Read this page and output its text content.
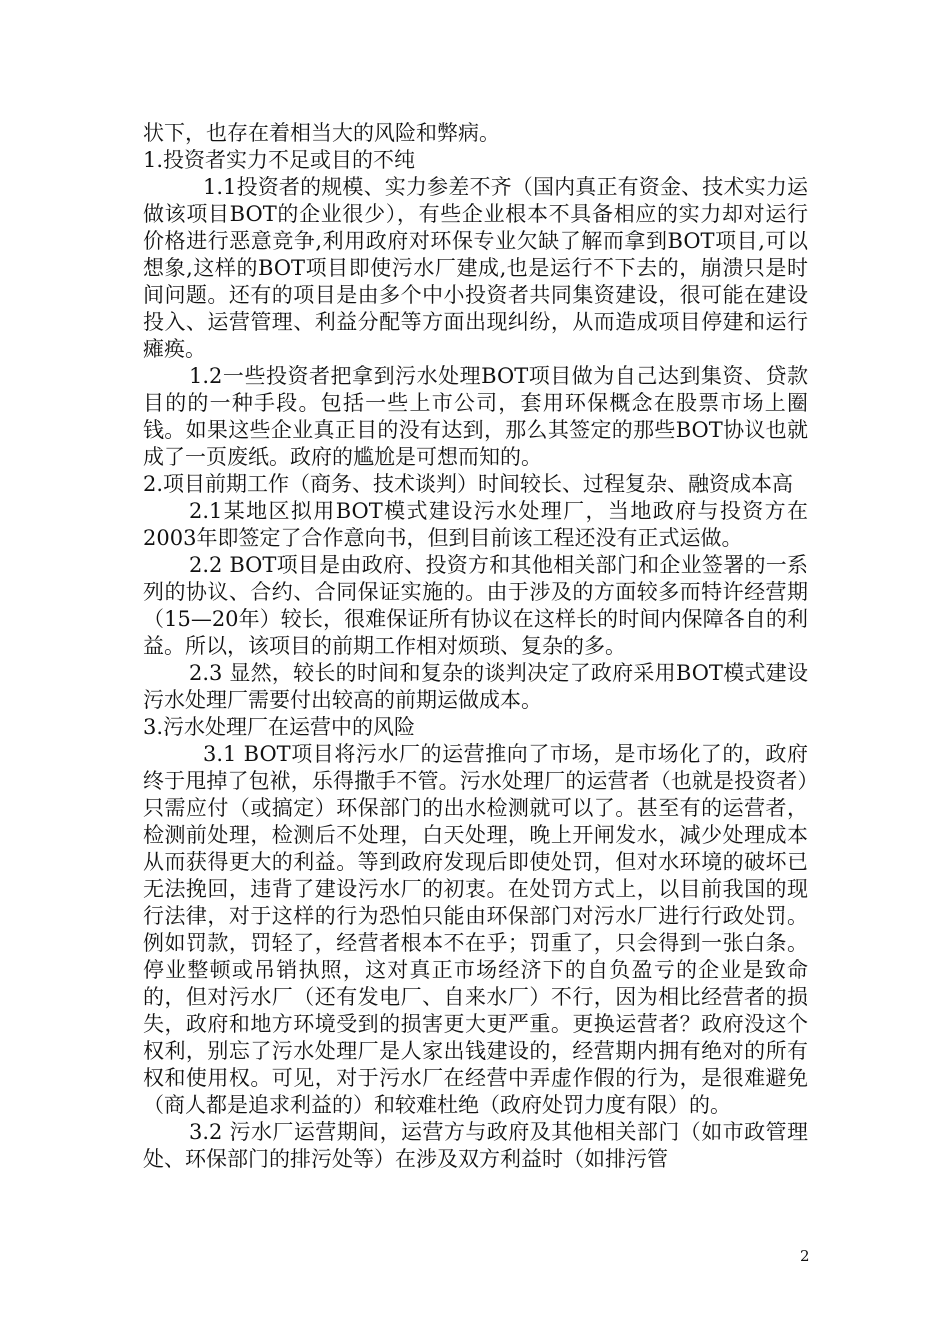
状下，也存在着相当大的风险和弊病。

1.投资者实力不足或目的不纯

1.1投资者的规模、实力参差不齐（国内真正有资金、技术实力运做该项目BOT的企业很少），有些企业根本不具备相应的实力却对运行价格进行恶意竞争,利用政府对环保专业欠缺了解而拿到BOT项目,可以想象,这样的BOT项目即使污水厂建成,也是运行不下去的，崩溃只是时间问题。还有的项目是由多个中小投资者共同集资建设，很可能在建设投入、运营管理、利益分配等方面出现纠纷，从而造成项目停建和运行瘫痪。

1.2一些投资者把拿到污水处理BOT项目做为自己达到集资、贷款目的的一种手段。包括一些上市公司，套用环保概念在股票市场上圈钱。如果这些企业真正目的没有达到，那么其签定的那些BOT协议也就成了一页废纸。政府的尴尬是可想而知的。

2.项目前期工作（商务、技术谈判）时间较长、过程复杂、融资成本高

2.1某地区拟用BOT模式建设污水处理厂，当地政府与投资方在2003年即签定了合作意向书，但到目前该工程还没有正式运做。

2.2 BOT项目是由政府、投资方和其他相关部门和企业签署的一系列的协议、合约、合同保证实施的。由于涉及的方面较多而特许经营期（15—20年）较长，很难保证所有协议在这样长的时间内保障各自的利益。所以，该项目的前期工作相对烦琐、复杂的多。

2.3 显然，较长的时间和复杂的谈判决定了政府采用BOT模式建设污水处理厂需要付出较高的前期运做成本。

3.污水处理厂在运营中的风险

3.1 BOT项目将污水厂的运营推向了市场，是市场化了的，政府终于甩掉了包袱，乐得撒手不管。污水处理厂的运营者（也就是投资者）只需应付（或搞定）环保部门的出水检测就可以了。甚至有的运营者，检测前处理，检测后不处理，白天处理，晚上开闸发水，减少处理成本从而获得更大的利益。等到政府发现后即使处罚，但对水环境的破坏已无法挽回，违背了建设污水厂的初衷。在处罚方式上，以目前我国的现行法律，对于这样的行为恐怕只能由环保部门对污水厂进行行政处罚。例如罚款，罚轻了，经营者根本不在乎；罚重了，只会得到一张白条。停业整顿或吊销执照，这对真正市场经济下的自负盈亏的企业是致命的，但对污水厂（还有发电厂、自来水厂）不行，因为相比经营者的损失，政府和地方环境受到的损害更大更严重。更换运营者？政府没这个权利，别忘了污水处理厂是人家出钱建设的，经营期内拥有绝对的所有权和使用权。可见，对于污水厂在经营中弄虚作假的行为，是很难避免（商人都是追求利益的）和较难杜绝（政府处罚力度有限）的。

3.2 污水厂运营期间，运营方与政府及其他相关部门（如市政管理处、环保部门的排污处等）在涉及双方利益时（如排污管

2
